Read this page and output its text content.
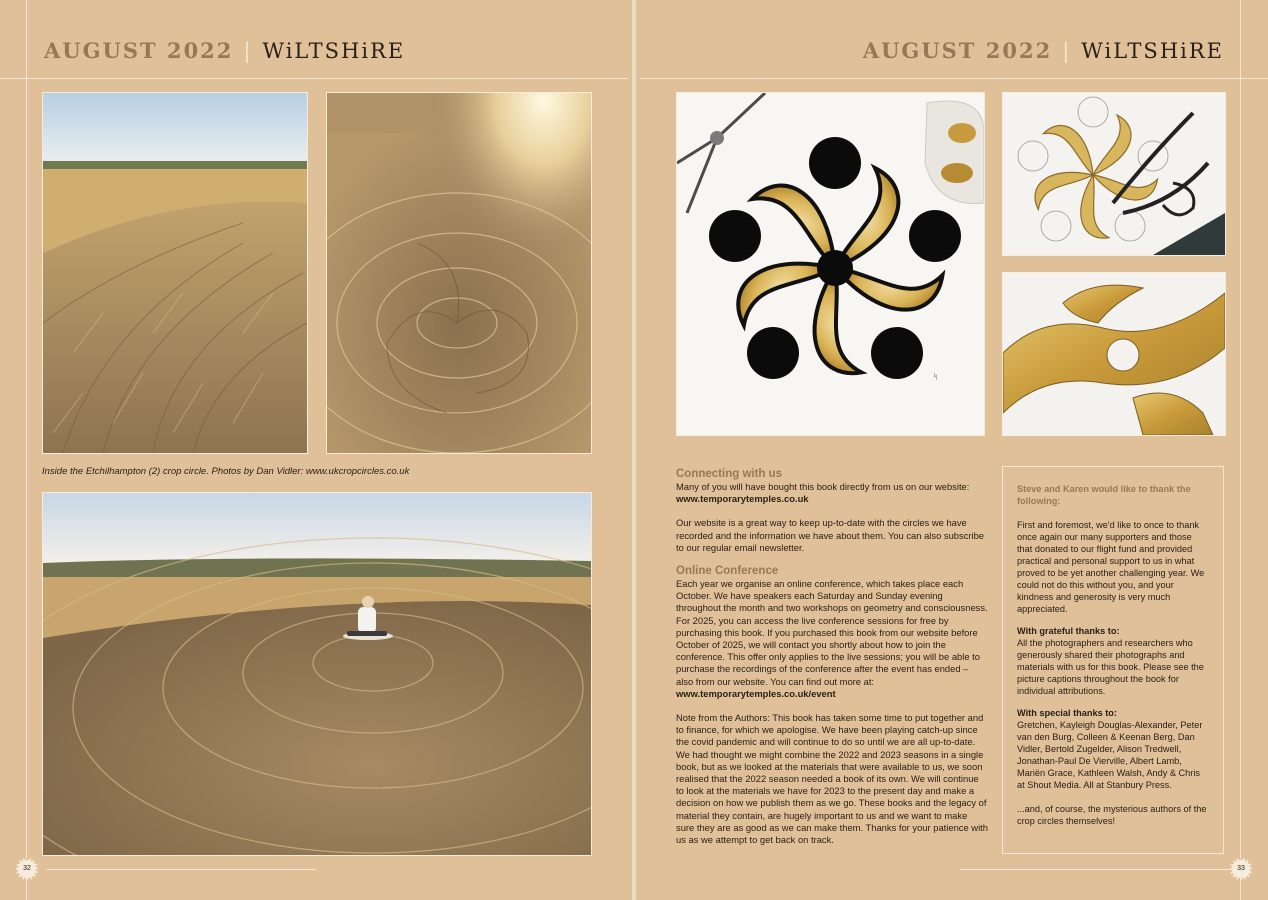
AUGUST 2022 | WiLTSHiRE
Inside the Etchilhampton (2) crop circle. Photos by Dan Vidler: www.ukcropcircles.co.uk
32
AUGUST 2022 | WiLTSHiRE
ᛋ
Connecting with us

Many of you will have bought this book directly from us on our website:

www.temporarytemples.co.uk

Our website is a great way to keep up-to-date with the circles we have recorded and the information we have about them. You can also subscribe to our regular email newsletter.

Online Conference

Each year we organise an online conference, which takes place each October. We have speakers each Saturday and Sunday evening throughout the month and two workshops on geometry and consciousness. For 2025, you can access the live conference sessions for free by purchasing this book. If you purchased this book from our website before October of 2025, we will contact you shortly about how to join the conference. This offer only applies to the live sessions; you will be able to purchase the recordings of the conference after the event has ended – also from our website. You can find out more at:

www.temporarytemples.co.uk/event

Note from the Authors: This book has taken some time to put together and to finance, for which we apologise. We have been playing catch-up since the covid pandemic and will continue to do so until we are all up-to-date. We had thought we might combine the 2022 and 2023 seasons in a single book, but as we looked at the materials that were available to us, we soon realised that the 2022 season needed a book of its own. We will continue to look at the materials we have for 2023 to the present day and make a decision on how we publish them as we go. These books and the legacy of material they contain, are hugely important to us and we want to make sure they are as good as we can make them. Thanks for your patience with us as we attempt to get back on track.

Steve and Karen would like to thank the following:

First and foremost, we'd like to once to thank once again our many supporters and those that donated to our flight fund and provided practical and personal support to us in what proved to be yet another challenging year. We could not do this without you, and your kindness and generosity is very much appreciated.

With grateful thanks to:

All the photographers and researchers who generously shared their photographs and materials with us for this book. Please see the picture captions throughout the book for individual attributions.

With special thanks to:

Gretchen, Kayleigh Douglas-Alexander, Peter van den Burg, Colleen & Keenan Berg, Dan Vidler, Bertold Zugelder, Alison Tredwell, Jonathan-Paul De Vierville, Albert Lamb, Mariën Grace, Kathleen Walsh, Andy & Chris at Shout Media. All at Stanbury Press.

...and, of course, the mysterious authors of the crop circles themselves!

33
